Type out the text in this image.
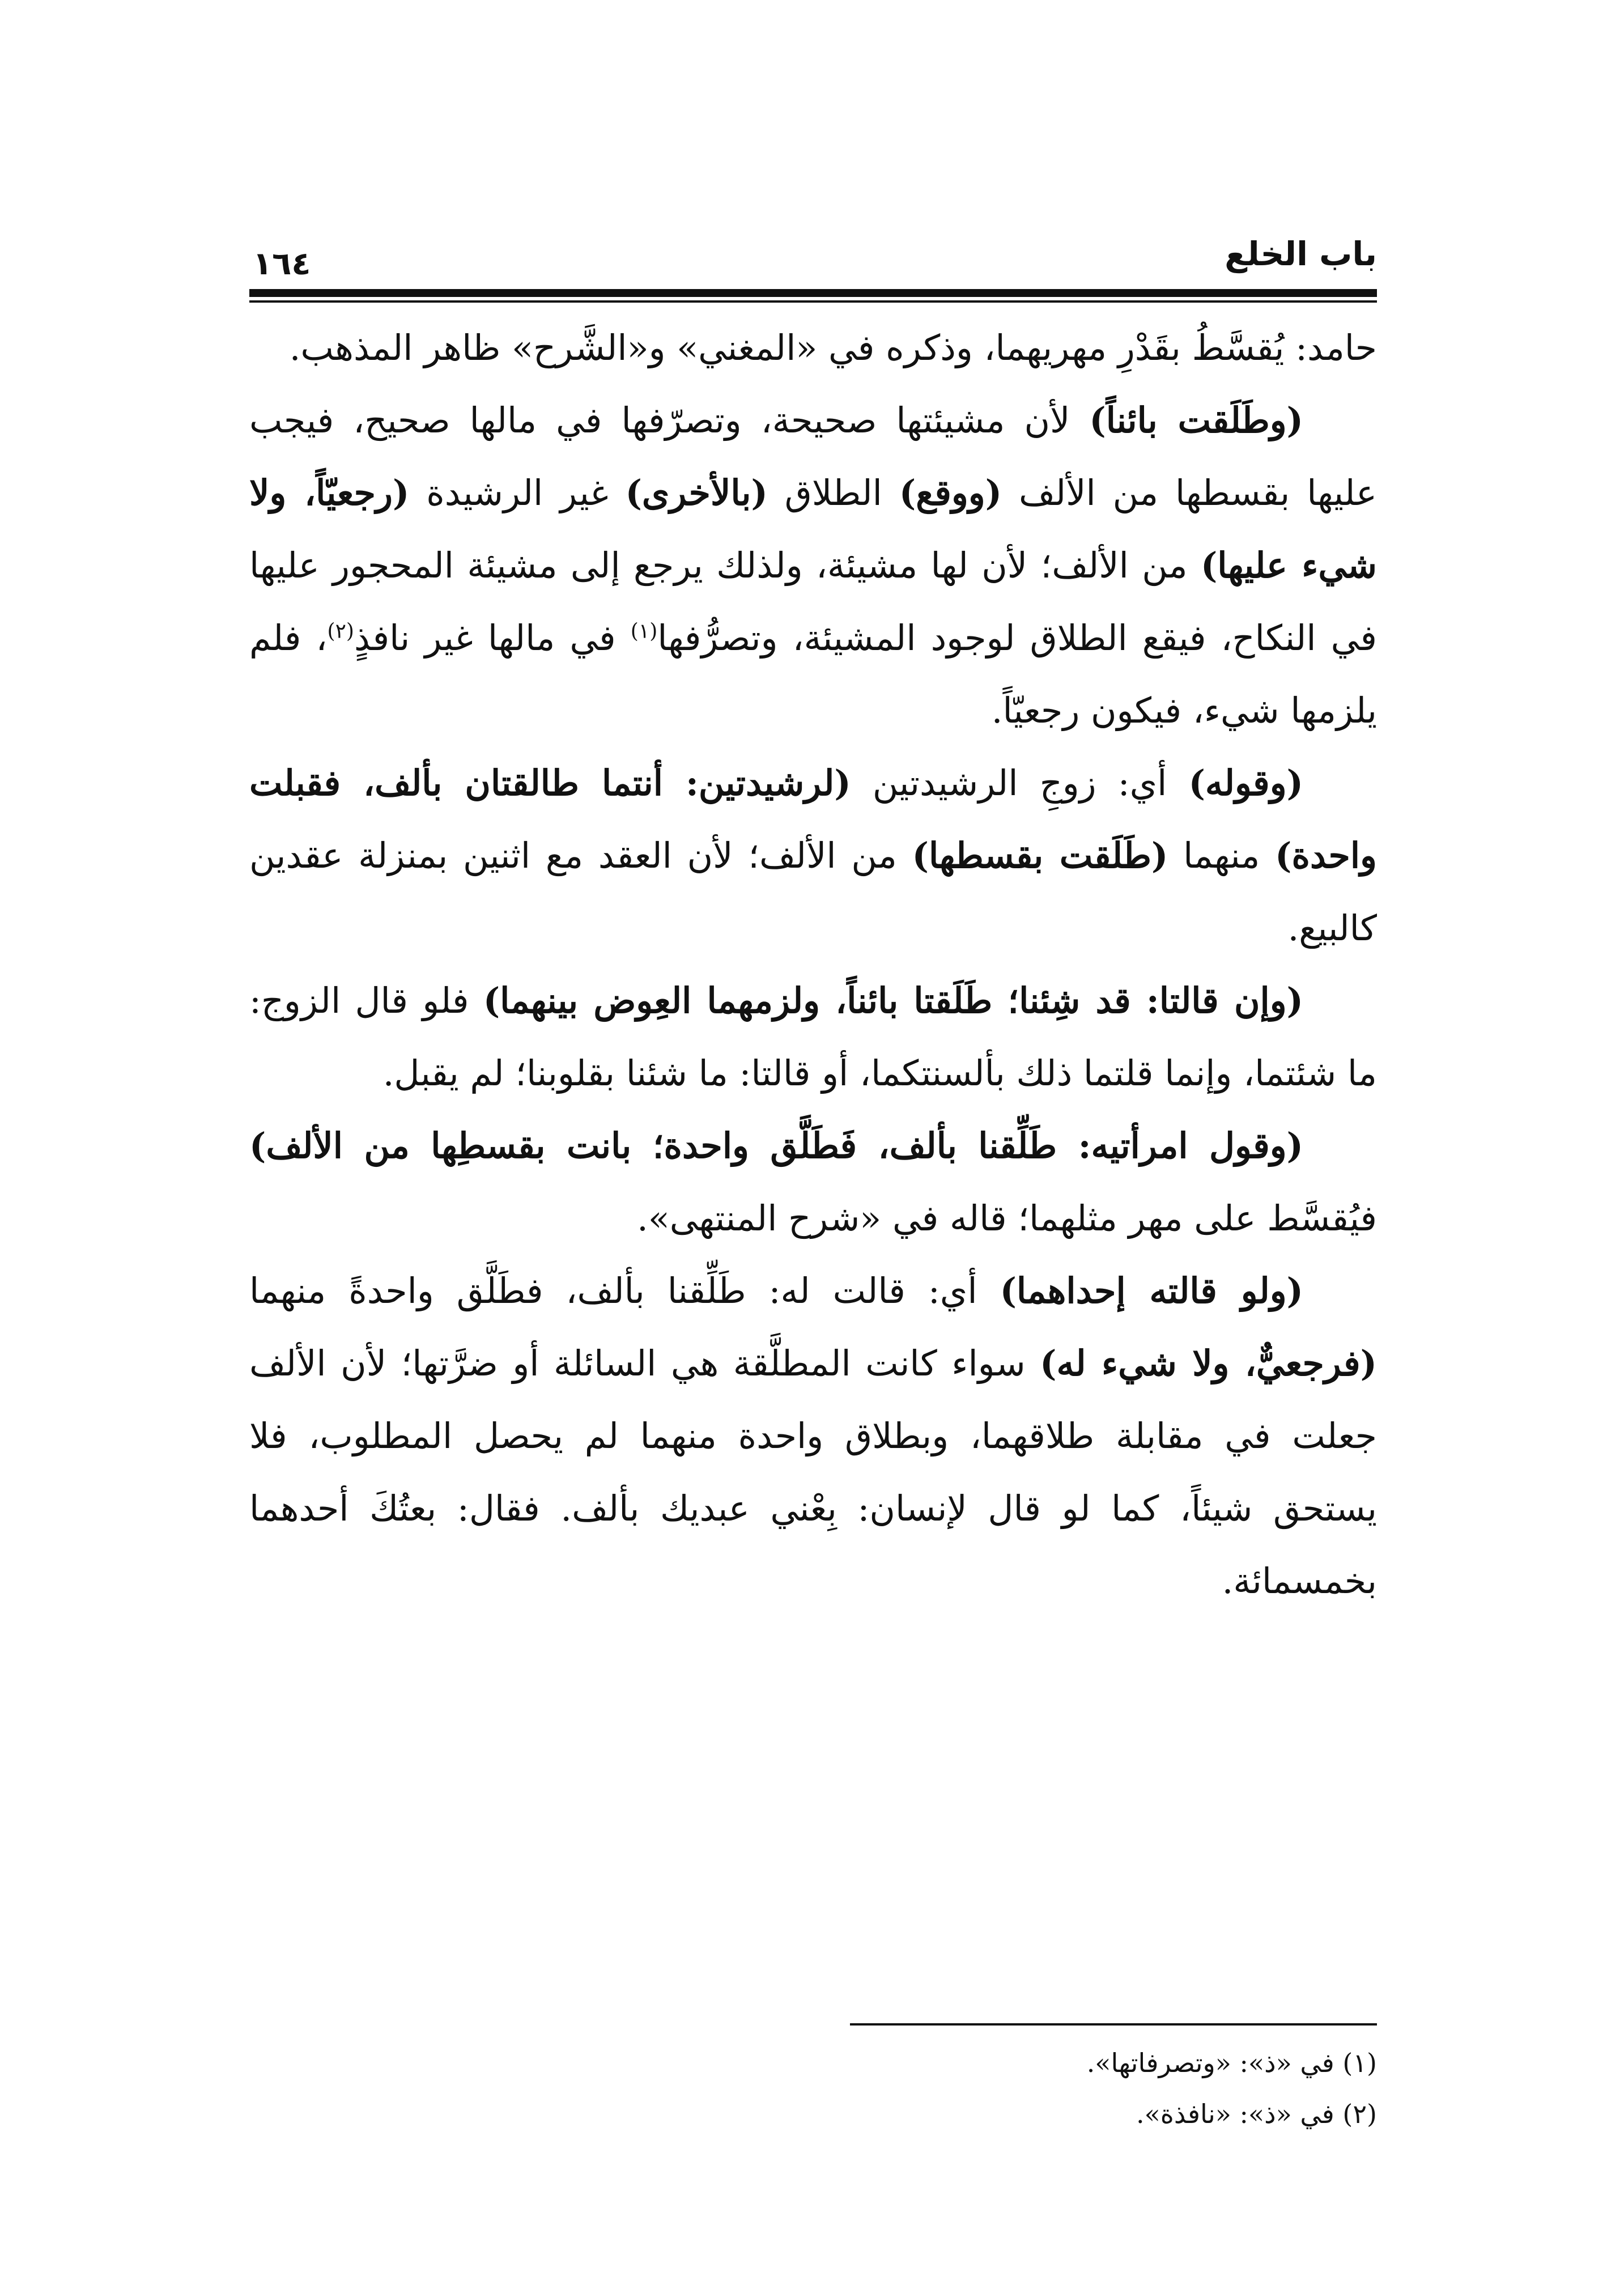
باب الخلع
١٦٤

حامد: يُقسَّطُ بقَدْرِ مهريهما، وذكره في «المغني» و«الشَّرح» ظاهر المذهب.

(وطَلَقت بائناً) لأن مشيئتها صحيحة، وتصرّفها في مالها صحيح، فيجب عليها بقسطها من الألف (ووقع) الطلاق (بالأخرى) غير الرشيدة (رجعيّاً، ولا شيء عليها) من الألف؛ لأن لها مشيئة، ولذلك يرجع إلى مشيئة المحجور عليها في النكاح، فيقع الطلاق لوجود المشيئة، وتصرُّفها$^{(١)}$ في مالها غير نافذٍ$^{(٢)}$، فلم يلزمها شيء، فيكون رجعيّاً.

(وقوله) أي: زوجِ الرشيدتين (لرشيدتين: أنتما طالقتان بألف، فقبلت واحدة) منهما (طَلَقت بقسطها) من الألف؛ لأن العقد مع اثنين بمنزلة عقدين كالبيع.

(وإن قالتا: قد شِئنا؛ طَلَقتا بائناً، ولزمهما العِوض بينهما) فلو قال الزوج: ما شئتما، وإنما قلتما ذلك بألسنتكما، أو قالتا: ما شئنا بقلوبنا؛ لم يقبل.

(وقول امرأتيه: طَلِّقنا بألف، فَطَلَّق واحدة؛ بانت بقسطِها من الألف) فيُقسَّط على مهر مثلهما؛ قاله في «شرح المنتهى».

(ولو قالته إحداهما) أي: قالت له: طَلِّقنا بألف، فطَلَّق واحدةً منهما (فرجعيٌّ، ولا شيء له) سواء كانت المطلَّقة هي السائلة أو ضرَّتها؛ لأن الألف جعلت في مقابلة طلاقهما، وبطلاق واحدة منهما لم يحصل المطلوب، فلا يستحق شيئاً، كما لو قال لإنسان: بِعْني عبديك بألف. فقال: بعتُكَ أحدهما بخمسمائة.

(١) في «ذ»: «وتصرفاتها».
(٢) في «ذ»: «نافذة».
